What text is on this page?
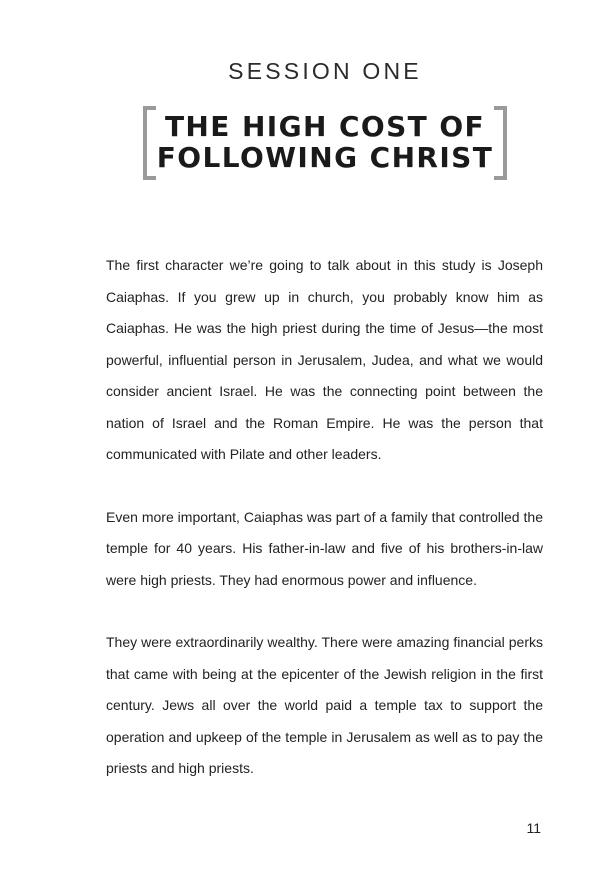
SESSION ONE
THE HIGH COST OF
FOLLOWING CHRIST

The first character we’re going to talk about in this study is Joseph Caiaphas. If you grew up in church, you probably know him as Caiaphas. He was the high priest during the time of Jesus—the most powerful, influential person in Jerusalem, Judea, and what we would consider ancient Israel. He was the connecting point between the nation of Israel and the Roman Empire. He was the person that communicated with Pilate and other leaders.

Even more important, Caiaphas was part of a family that controlled the temple for 40 years. His father-in-law and five of his brothers-in-law were high priests. They had enormous power and influence.

They were extraordinarily wealthy. There were amazing financial perks that came with being at the epicenter of the Jewish religion in the first century. Jews all over the world paid a temple tax to support the operation and upkeep of the temple in Jerusalem as well as to pay the priests and high priests.

11
